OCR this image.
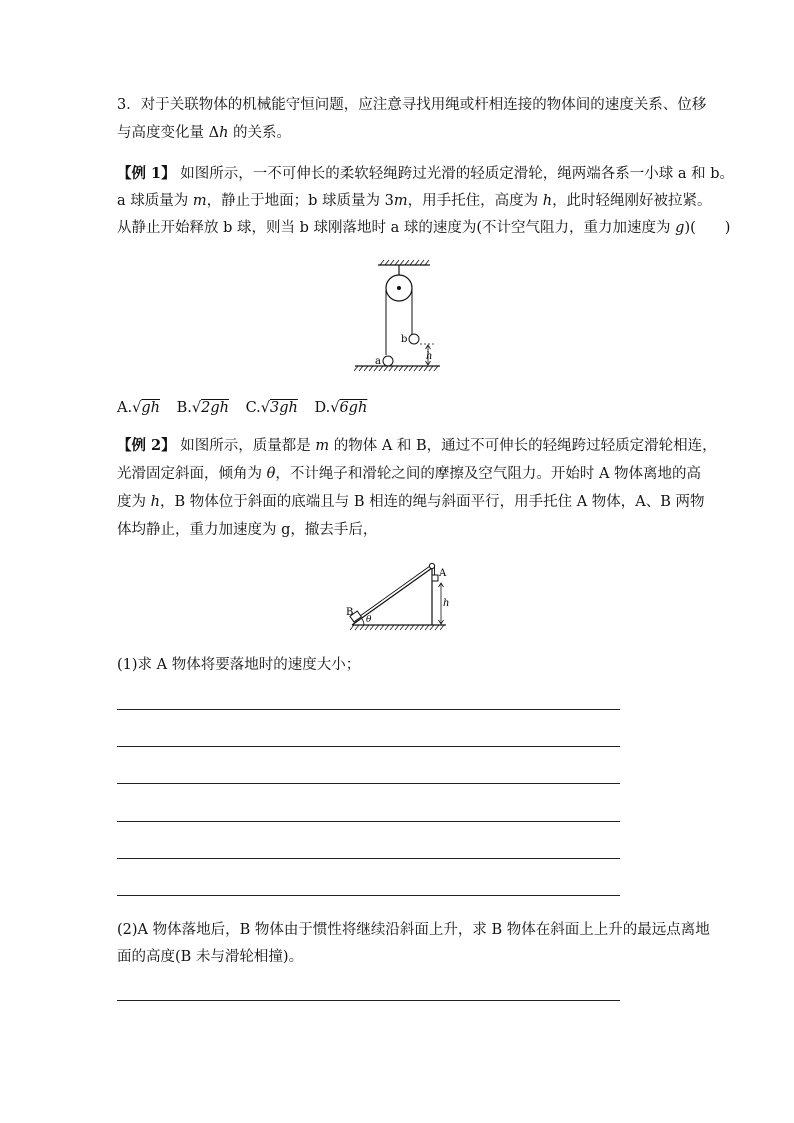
3．对于关联物体的机械能守恒问题，应注意寻找用绳或杆相连接的物体间的速度关系、位移
与高度变化量 Δh 的关系。
【例 1】 如图所示，一不可伸长的柔软轻绳跨过光滑的轻质定滑轮，绳两端各系一小球 a 和 b。
a 球质量为 m，静止于地面；b 球质量为 3m，用手托住，高度为 h，此时轻绳刚好被拉紧。
从静止开始释放 b 球，则当 b 球刚落地时 a 球的速度为(不计空气阻力，重力加速度为 g)(　　)
b
a	h
A.√gh B.√2gh C.√3gh D.√6gh
【例 2】 如图所示，质量都是 m 的物体 A 和 B，通过不可伸长的轻绳跨过轻质定滑轮相连，
光滑固定斜面，倾角为 θ，不计绳子和滑轮之间的摩擦及空气阻力。开始时 A 物体离地的高
度为 h，B 物体位于斜面的底端且与 B 相连的绳与斜面平行，用手托住 A 物体，A、B 两物
体均静止，重力加速度为 g，撤去手后，
A
h
B
θ
(1)求 A 物体将要落地时的速度大小；
(2)A 物体落地后，B 物体由于惯性将继续沿斜面上升，求 B 物体在斜面上上升的最远点离地
面的高度(B 未与滑轮相撞)。
